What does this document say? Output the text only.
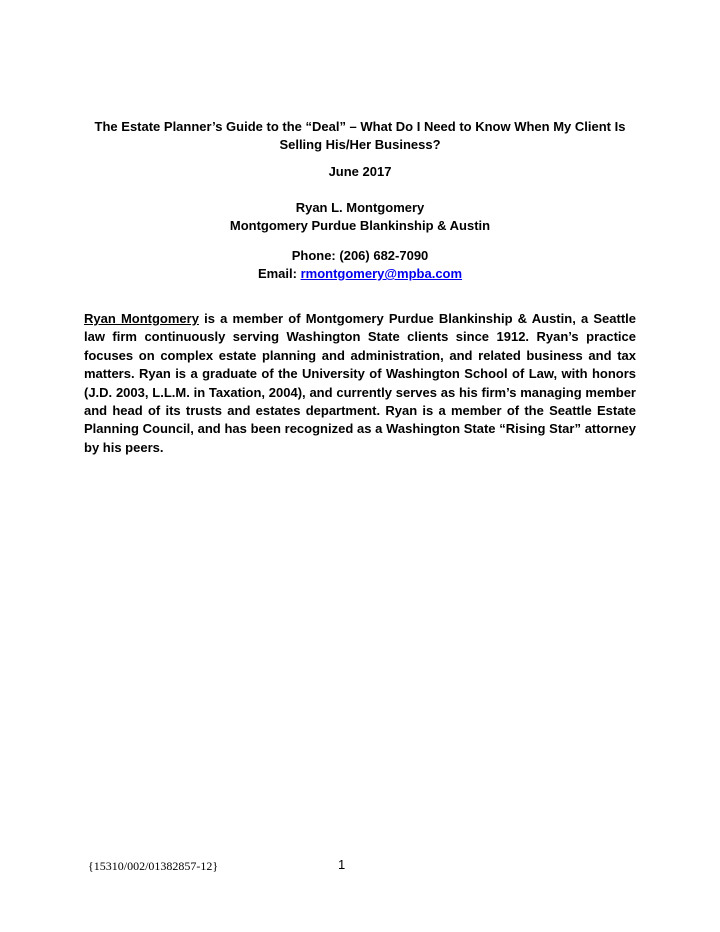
The Estate Planner’s Guide to the “Deal” – What Do I Need to Know When My Client Is Selling His/Her Business?
June 2017
Ryan L. Montgomery
Montgomery Purdue Blankinship & Austin
Phone: (206) 682-7090
Email: rmontgomery@mpba.com
Ryan Montgomery is a member of Montgomery Purdue Blankinship & Austin, a Seattle law firm continuously serving Washington State clients since 1912. Ryan’s practice focuses on complex estate planning and administration, and related business and tax matters. Ryan is a graduate of the University of Washington School of Law, with honors (J.D. 2003, L.L.M. in Taxation, 2004), and currently serves as his firm’s managing member and head of its trusts and estates department. Ryan is a member of the Seattle Estate Planning Council, and has been recognized as a Washington State “Rising Star” attorney by his peers.
{15310/002/01382857-12}	1
